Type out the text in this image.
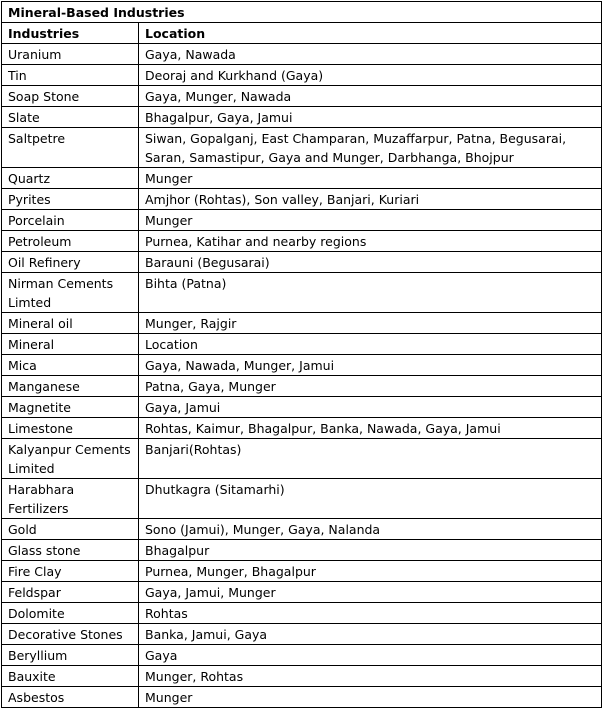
Mineral-Based Industries	
Industries	Location
Uranium	Gaya, Nawada
Tin	Deoraj and Kurkhand (Gaya)
Soap Stone	Gaya, Munger, Nawada
Slate	Bhagalpur, Gaya, Jamui
Saltpetre	Siwan, Gopalganj, East Champaran, Muzaffarpur, Patna, Begusarai, Saran, Samastipur, Gaya and Munger, Darbhanga, Bhojpur
Quartz	Munger
Pyrites	Amjhor (Rohtas), Son valley, Banjari, Kuriari
Porcelain	Munger
Petroleum	Purnea, Katihar and nearby regions
Oil Refinery	Barauni (Begusarai)
Nirman Cements Limted	Bihta (Patna)
Mineral oil	Munger, Rajgir
Mineral	Location
Mica	Gaya, Nawada, Munger, Jamui
Manganese	Patna, Gaya, Munger
Magnetite	Gaya, Jamui
Limestone	Rohtas, Kaimur, Bhagalpur, Banka, Nawada, Gaya, Jamui
Kalyanpur Cements Limited	Banjari(Rohtas)
Harabhara Fertilizers	Dhutkagra (Sitamarhi)
Gold	Sono (Jamui), Munger, Gaya, Nalanda
Glass stone	Bhagalpur
Fire Clay	Purnea, Munger, Bhagalpur
Feldspar	Gaya, Jamui, Munger
Dolomite	Rohtas
Decorative Stones	Banka, Jamui, Gaya
Beryllium	Gaya
Bauxite	Munger, Rohtas
Asbestos	Munger
